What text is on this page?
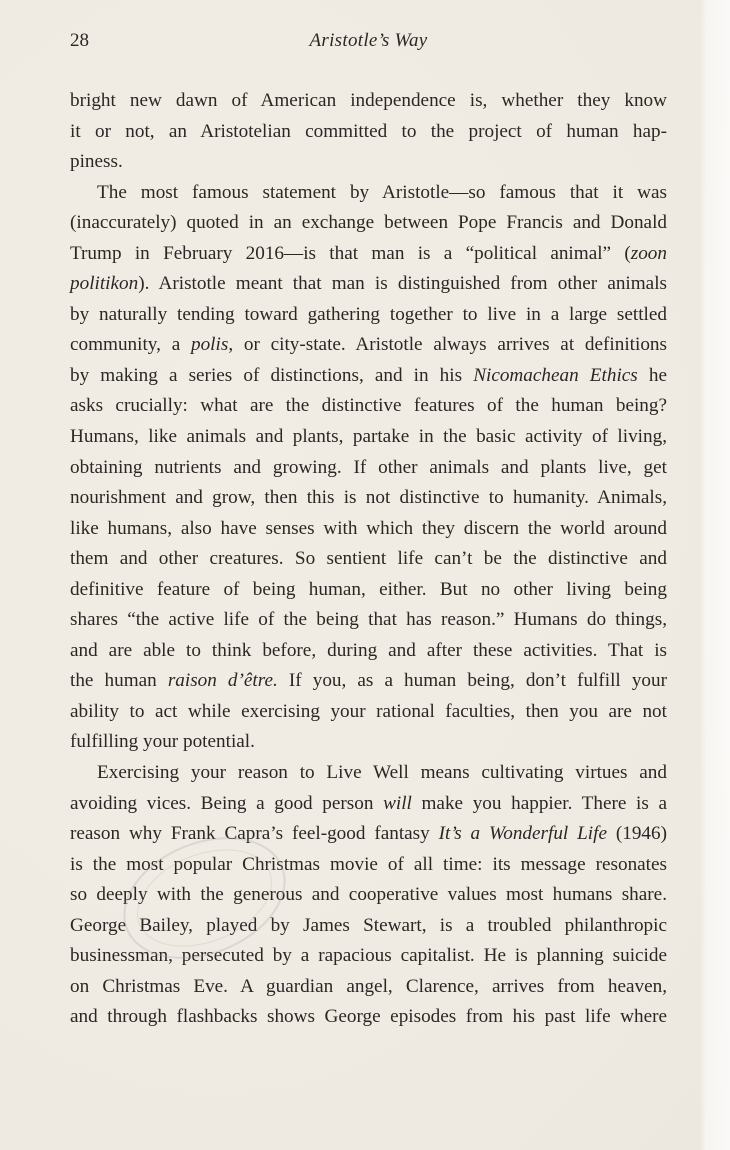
28	Aristotle’s Way
bright new dawn of American independence is, whether they know
it or not, an Aristotelian committed to the project of human hap-
piness.
The most famous statement by Aristotle—so famous that it was
(inaccurately) quoted in an exchange between Pope Francis and Donald
Trump in February 2016—is that man is a “political animal” (zoon
politikon). Aristotle meant that man is distinguished from other animals
by naturally tending toward gathering together to live in a large settled
community, a polis, or city-state. Aristotle always arrives at definitions
by making a series of distinctions, and in his Nicomachean Ethics he
asks crucially: what are the distinctive features of the human being?
Humans, like animals and plants, partake in the basic activity of living,
obtaining nutrients and growing. If other animals and plants live, get
nourishment and grow, then this is not distinctive to humanity. Animals,
like humans, also have senses with which they discern the world around
them and other creatures. So sentient life can’t be the distinctive and
definitive feature of being human, either. But no other living being
shares “the active life of the being that has reason.” Humans do things,
and are able to think before, during and after these activities. That is
the human raison d’être. If you, as a human being, don’t fulfill your
ability to act while exercising your rational faculties, then you are not
fulfilling your potential.
Exercising your reason to Live Well means cultivating virtues and
avoiding vices. Being a good person will make you happier. There is a
reason why Frank Capra’s feel-good fantasy It’s a Wonderful Life (1946)
is the most popular Christmas movie of all time: its message resonates
so deeply with the generous and cooperative values most humans share.
George Bailey, played by James Stewart, is a troubled philanthropic
businessman, persecuted by a rapacious capitalist. He is planning suicide
on Christmas Eve. A guardian angel, Clarence, arrives from heaven,
and through flashbacks shows George episodes from his past life where
